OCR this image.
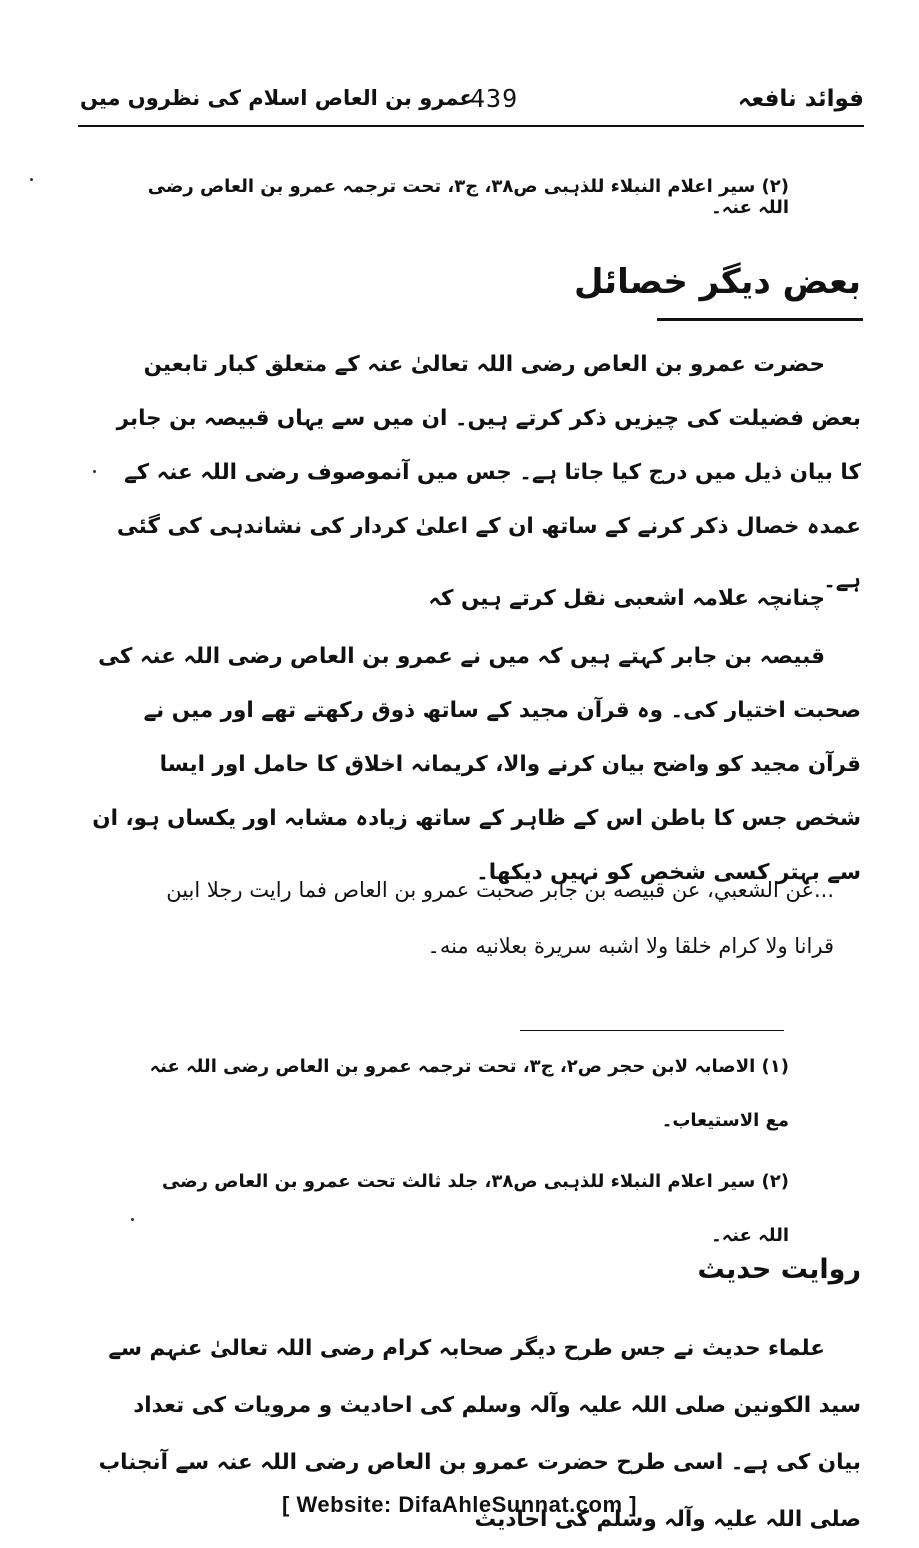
فوائد نافعہ
439
عمرو بن العاص اسلام کی نظروں میں
(۲) سیر اعلام النبلاء للذہبی ص۳۸، ج۳، تحت ترجمہ عمرو بن العاص رضی اللہ عنہ۔
بعض دیگر خصائل
حضرت عمرو بن العاص رضی اللہ تعالیٰ عنہ کے متعلق کبار تابعین بعض فضیلت کی چیزیں ذکر کرتے ہیں۔ ان میں سے یہاں قبیصہ بن جابر کا بیان ذیل میں درج کیا جاتا ہے۔ جس میں آنموصوف رضی اللہ عنہ کے عمدہ خصال ذکر کرنے کے ساتھ ان کے اعلیٰ کردار کی نشاندہی کی گئی ہے۔
چنانچہ علامہ اشعبی نقل کرتے ہیں کہ
قبیصہ بن جابر کہتے ہیں کہ میں نے عمرو بن العاص رضی اللہ عنہ کی صحبت اختیار کی۔ وہ قرآن مجید کے ساتھ ذوق رکھتے تھے اور میں نے قرآن مجید کو واضح بیان کرنے والا، کریمانہ اخلاق کا حامل اور ایسا شخص جس کا باطن اس کے ظاہر کے ساتھ زیادہ مشابہ اور یکساں ہو، ان سے بہتر کسی شخص کو نہیں دیکھا۔
...عن الشعبي، عن قبيصه بن جابر صحبت عمرو بن العاص فما رايت رجلا ابين قرانا ولا كرام خلقا ولا اشبه سريرة بعلانيه منه۔
(۱) الاصابہ لابن حجر ص۲، ج۳، تحت ترجمہ عمرو بن العاص رضی اللہ عنہ مع الاستیعاب۔
(۲) سیر اعلام النبلاء للذہبی ص۳۸، جلد ثالث تحت عمرو بن العاص رضی اللہ عنہ۔
روایت حدیث
علماء حدیث نے جس طرح دیگر صحابہ کرام رضی اللہ تعالیٰ عنہم سے سید الکونین صلی اللہ علیہ وآلہ وسلم کی احادیث و مرویات کی تعداد بیان کی ہے۔ اسی طرح حضرت عمرو بن العاص رضی اللہ عنہ سے آنجناب صلی اللہ علیہ وآلہ وسلم کی احادیث
[ Website: DifaAhleSunnat.com ]
